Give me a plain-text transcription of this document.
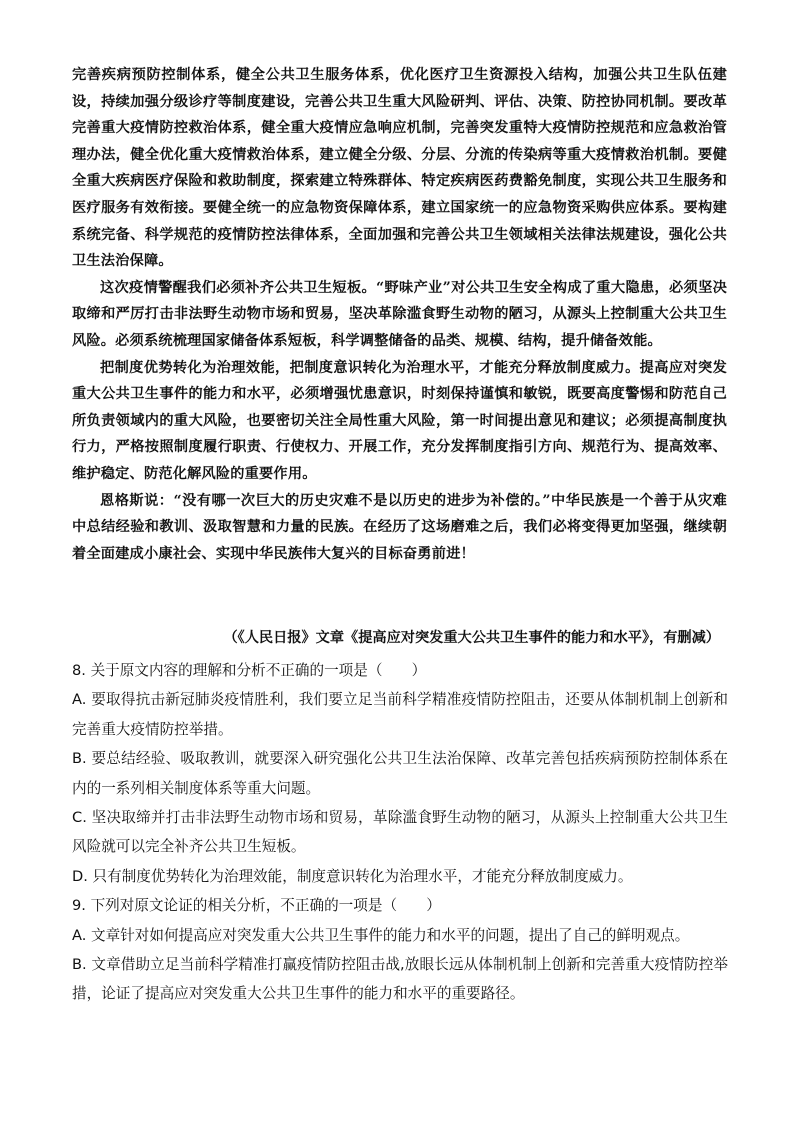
完善疾病预防控制体系，健全公共卫生服务体系，优化医疗卫生资源投入结构，加强公共卫生队伍建设，持续加强分级诊疗等制度建设，完善公共卫生重大风险研判、评估、决策、防控协同机制。要改革完善重大疫情防控救治体系，健全重大疫情应急响应机制，完善突发重特大疫情防控规范和应急救治管理办法，健全优化重大疫情救治体系，建立健全分级、分层、分流的传染病等重大疫情救治机制。要健全重大疾病医疗保险和救助制度，探索建立特殊群体、特定疾病医药费豁免制度，实现公共卫生服务和医疗服务有效衔接。要健全统一的应急物资保障体系，建立国家统一的应急物资采购供应体系。要构建系统完备、科学规范的疫情防控法律体系，全面加强和完善公共卫生领域相关法律法规建设，强化公共卫生法治保障。

这次疫情警醒我们必须补齐公共卫生短板。“野味产业”对公共卫生安全构成了重大隐患，必须坚决取缔和严厉打击非法野生动物市场和贸易，坚决革除滥食野生动物的陋习，从源头上控制重大公共卫生风险。必须系统梳理国家储备体系短板，科学调整储备的品类、规模、结构，提升储备效能。

把制度优势转化为治理效能，把制度意识转化为治理水平，才能充分释放制度威力。提高应对突发重大公共卫生事件的能力和水平，必须增强忧患意识，时刻保持谨慎和敏锐，既要高度警惕和防范自己所负责领域内的重大风险，也要密切关注全局性重大风险，第一时间提出意见和建议；必须提高制度执行力，严格按照制度履行职责、行使权力、开展工作，充分发挥制度指引方向、规范行为、提高效率、维护稳定、防范化解风险的重要作用。

恩格斯说：“没有哪一次巨大的历史灾难不是以历史的进步为补偿的。”中华民族是一个善于从灾难中总结经验和教训、汲取智慧和力量的民族。在经历了这场磨难之后，我们必将变得更加坚强，继续朝着全面建成小康社会、实现中华民族伟大复兴的目标奋勇前进！

（《人民日报》文章《提高应对突发重大公共卫生事件的能力和水平》，有删减）

8. 关于原文内容的理解和分析不正确的一项是（　　）

A. 要取得抗击新冠肺炎疫情胜利，我们要立足当前科学精准疫情防控阻击，还要从体制机制上创新和完善重大疫情防控举措。

B. 要总结经验、吸取教训，就要深入研究强化公共卫生法治保障、改革完善包括疾病预防控制体系在内的一系列相关制度体系等重大问题。

C. 坚决取缔并打击非法野生动物市场和贸易，革除滥食野生动物的陋习，从源头上控制重大公共卫生风险就可以完全补齐公共卫生短板。

D. 只有制度优势转化为治理效能，制度意识转化为治理水平，才能充分释放制度威力。

9. 下列对原文论证的相关分析，不正确的一项是（　　）

A. 文章针对如何提高应对突发重大公共卫生事件的能力和水平的问题，提出了自己的鲜明观点。

B. 文章借助立足当前科学精准打赢疫情防控阻击战,放眼长远从体制机制上创新和完善重大疫情防控举措，论证了提高应对突发重大公共卫生事件的能力和水平的重要路径。
